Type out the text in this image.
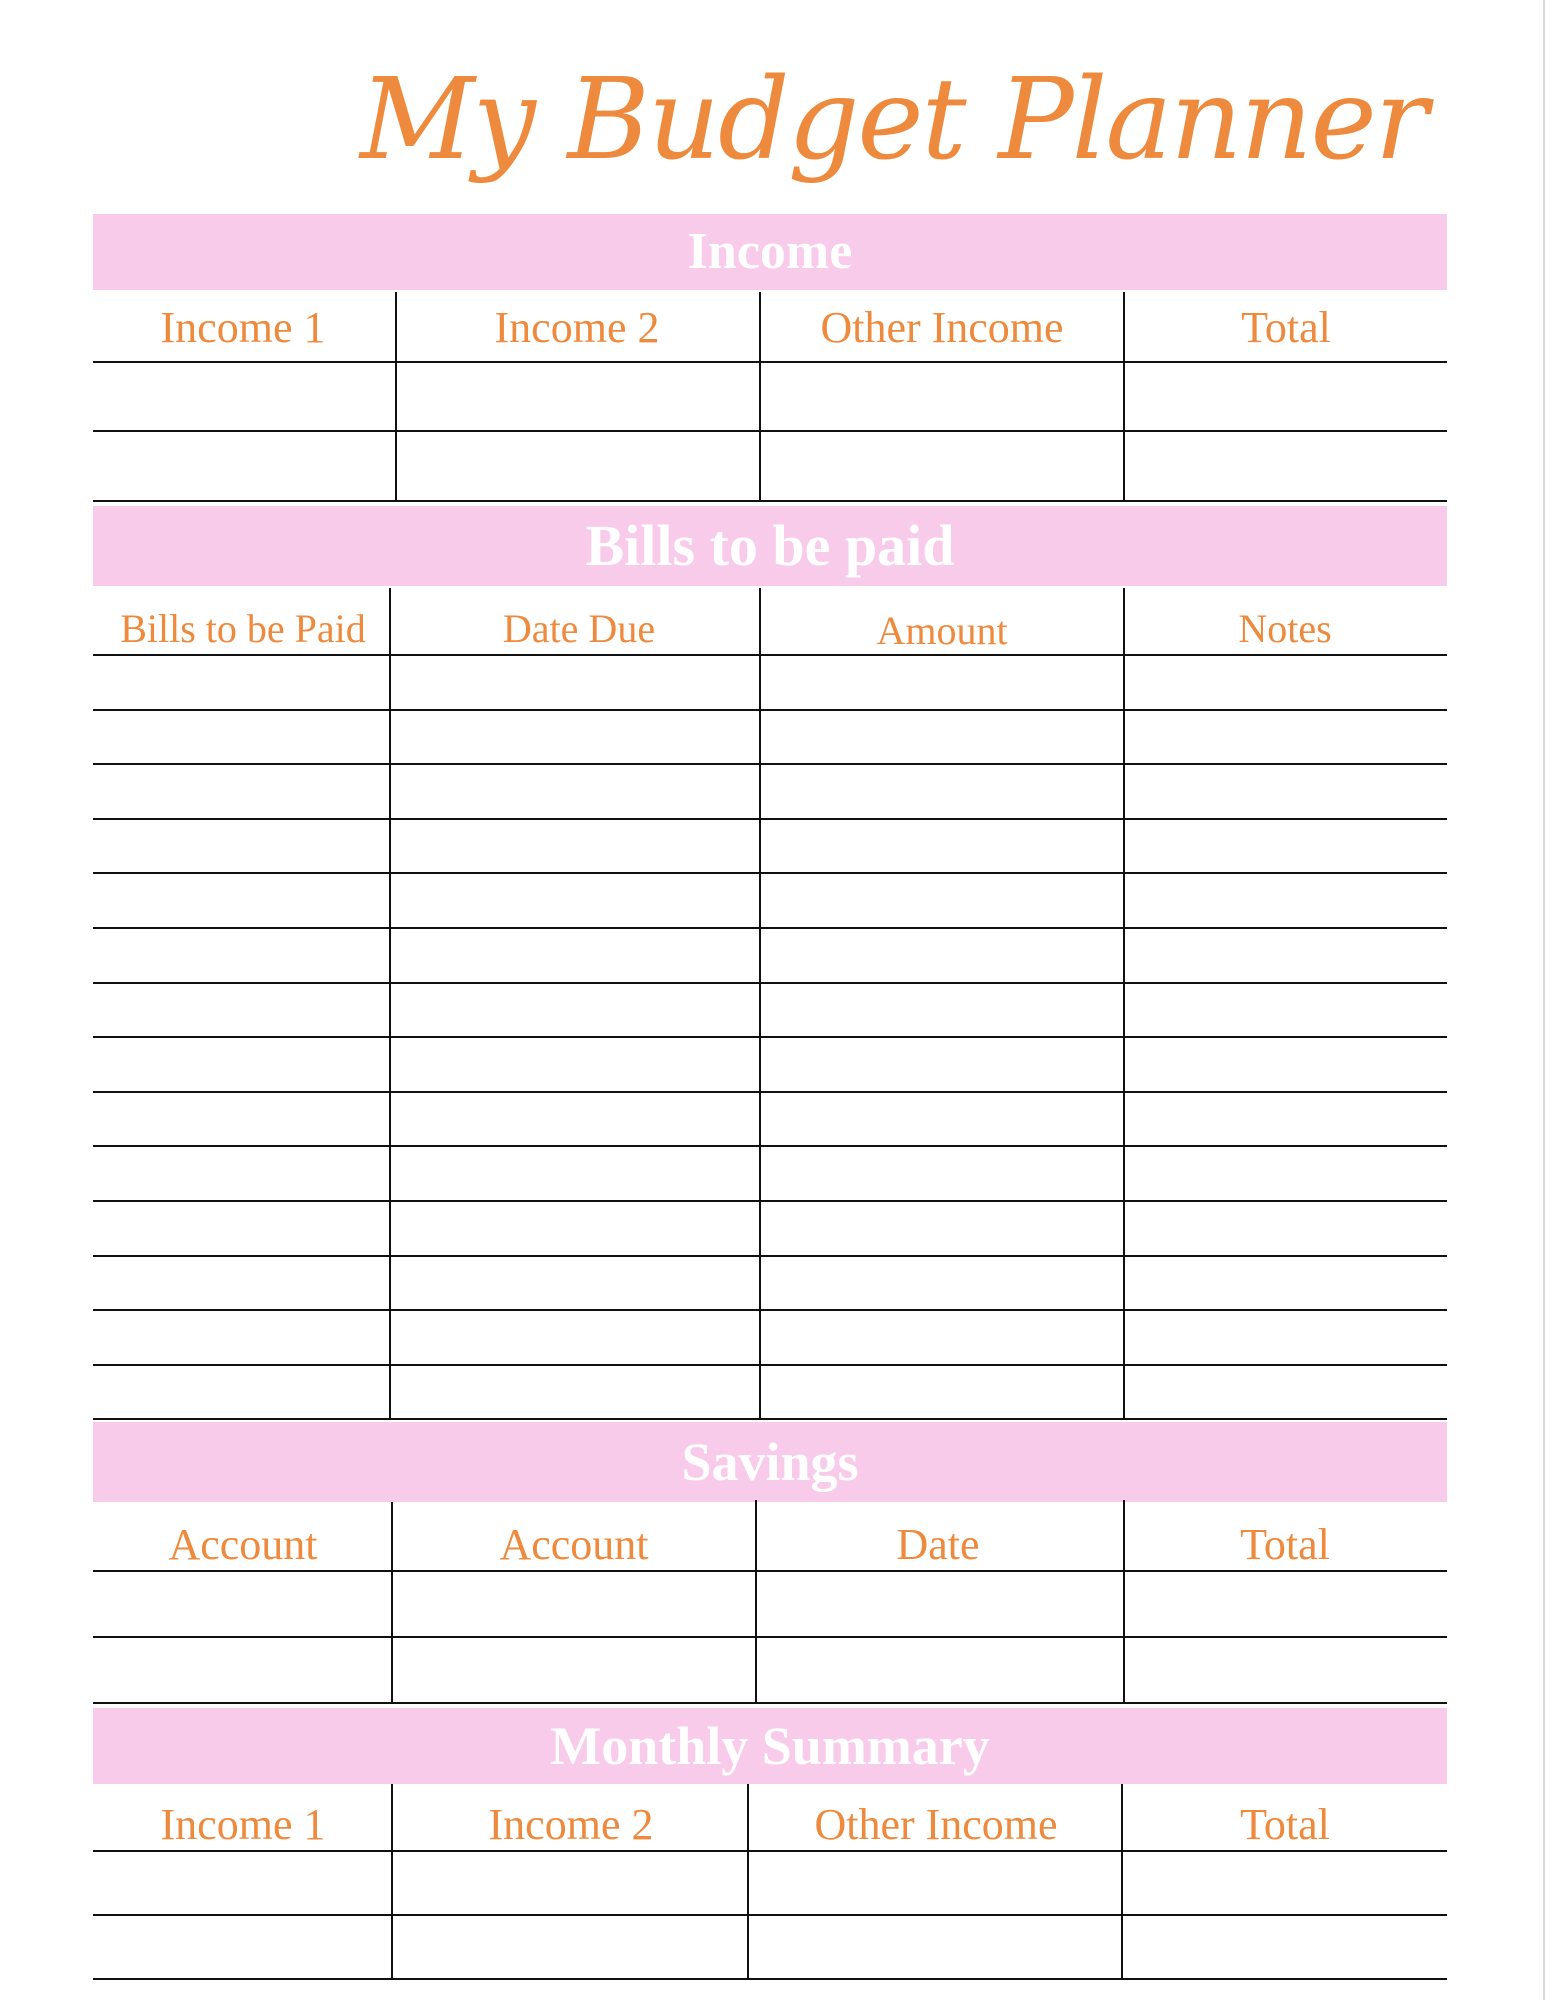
My Budget Planner
Income
Income 1	Income 2	Other Income	Total
Bills to be paid
Bills to be Paid	Date Due	Amount	Notes
Savings
Account	Account	Date	Total
Monthly Summary
Income 1	Income 2	Other Income	Total
